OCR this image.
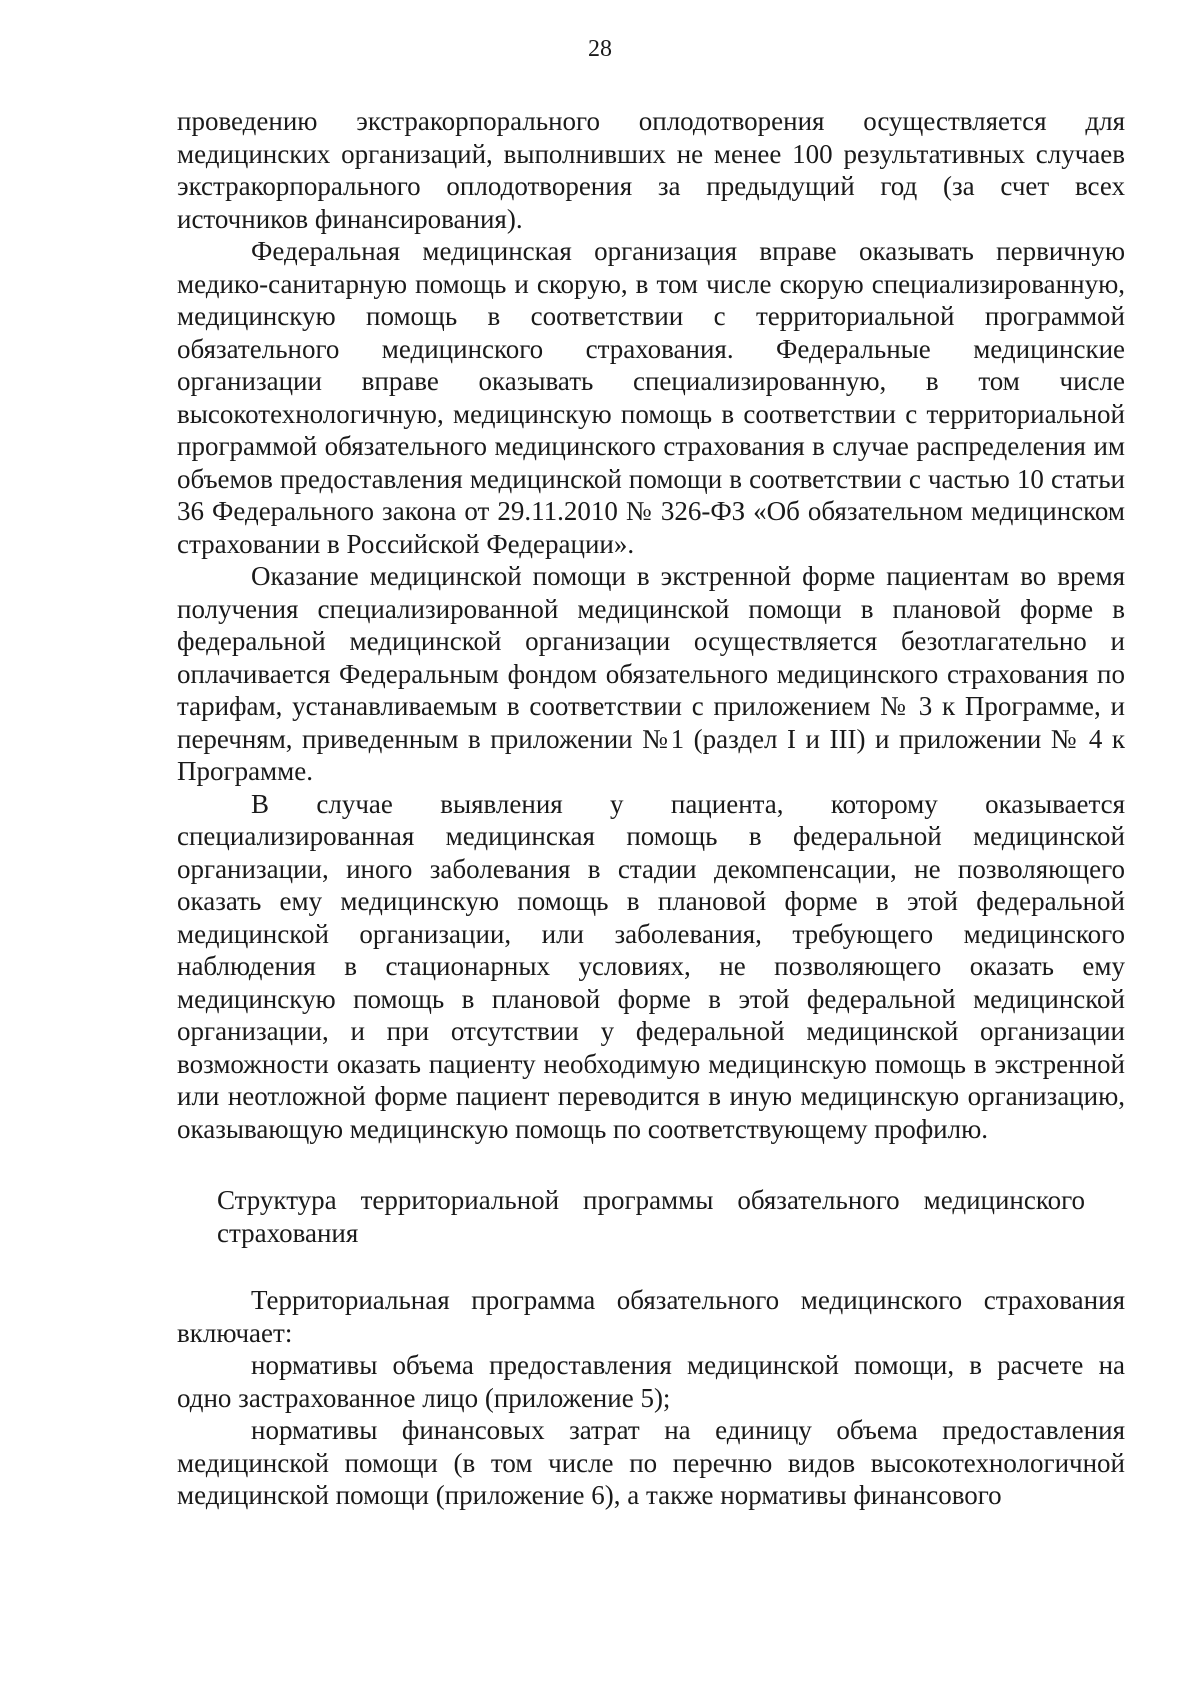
28

проведению экстракорпорального оплодотворения осуществляется для медицинских организаций, выполнивших не менее 100 результативных случаев экстракорпорального оплодотворения за предыдущий год (за счет всех источников финансирования).

Федеральная медицинская организация вправе оказывать первичную медико-санитарную помощь и скорую, в том числе скорую специализированную, медицинскую помощь в соответствии с территориальной программой обязательного медицинского страхования. Федеральные медицинские организации вправе оказывать специализированную, в том числе высокотехнологичную, медицинскую помощь в соответствии с территориальной программой обязательного медицинского страхования в случае распределения им объемов предоставления медицинской помощи в соответствии с частью 10 статьи 36 Федерального закона от 29.11.2010 № 326-ФЗ «Об обязательном медицинском страховании в Российской Федерации».

Оказание медицинской помощи в экстренной форме пациентам во время получения специализированной медицинской помощи в плановой форме в федеральной медицинской организации осуществляется безотлагательно и оплачивается Федеральным фондом обязательного медицинского страхования по тарифам, устанавливаемым в соответствии с приложением № 3 к Программе, и перечням, приведенным в приложении №1 (раздел I и III) и приложении № 4 к Программе.

В случае выявления у пациента, которому оказывается специализированная медицинская помощь в федеральной медицинской организации, иного заболевания в стадии декомпенсации, не позволяющего оказать ему медицинскую помощь в плановой форме в этой федеральной медицинской организации, или заболевания, требующего медицинского наблюдения в стационарных условиях, не позволяющего оказать ему медицинскую помощь в плановой форме в этой федеральной медицинской организации, и при отсутствии у федеральной медицинской организации возможности оказать пациенту необходимую медицинскую помощь в экстренной или неотложной форме пациент переводится в иную медицинскую организацию, оказывающую медицинскую помощь по соответствующему профилю.

Структура территориальной программы обязательного медицинского страхования

Территориальная программа обязательного медицинского страхования включает:

нормативы объема предоставления медицинской помощи, в расчете на одно застрахованное лицо (приложение 5);

нормативы финансовых затрат на единицу объема предоставления медицинской помощи (в том числе по перечню видов высокотехнологичной медицинской помощи (приложение 6), а также нормативы финансового
